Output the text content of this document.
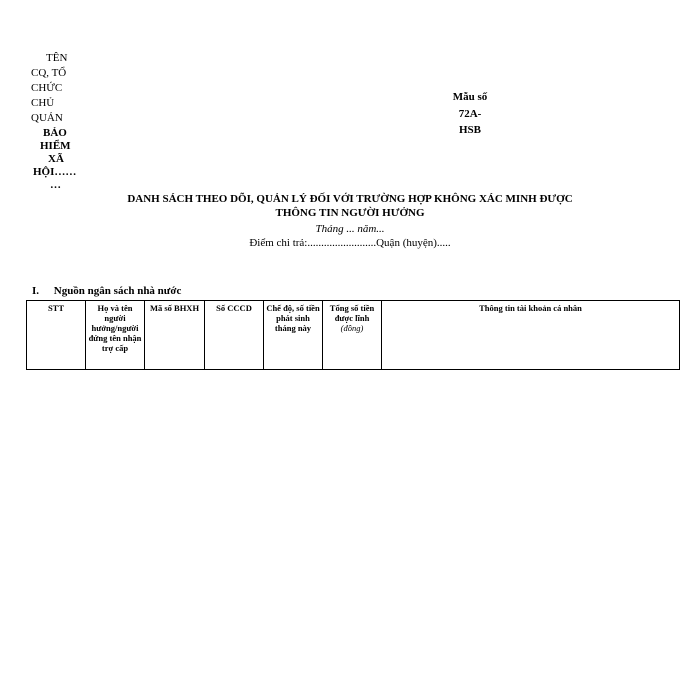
TÊN
CQ, TỔ
CHỨC
CHỦ
QUẢN
BẢO
HIỂM
XÃ
HỘI……
…
Mẫu số
72A-
HSB
DANH SÁCH THEO DÕI, QUẢN LÝ ĐỐI VỚI TRƯỜNG HỢP KHÔNG XÁC MINH ĐƯỢC
THÔNG TIN NGƯỜI HƯỞNG
Tháng ... năm...
Điểm chi trả:.........................Quận (huyện).....
I. Nguồn ngân sách nhà nước
STT	Họ và tên người hưởng/người đứng tên nhận trợ cấp	Mã số BHXH	Số CCCD	Chế độ, số tiền phát sinh tháng này	Tổng số tiền được lĩnh (đồng)	Thông tin tài khoản cá nhân
